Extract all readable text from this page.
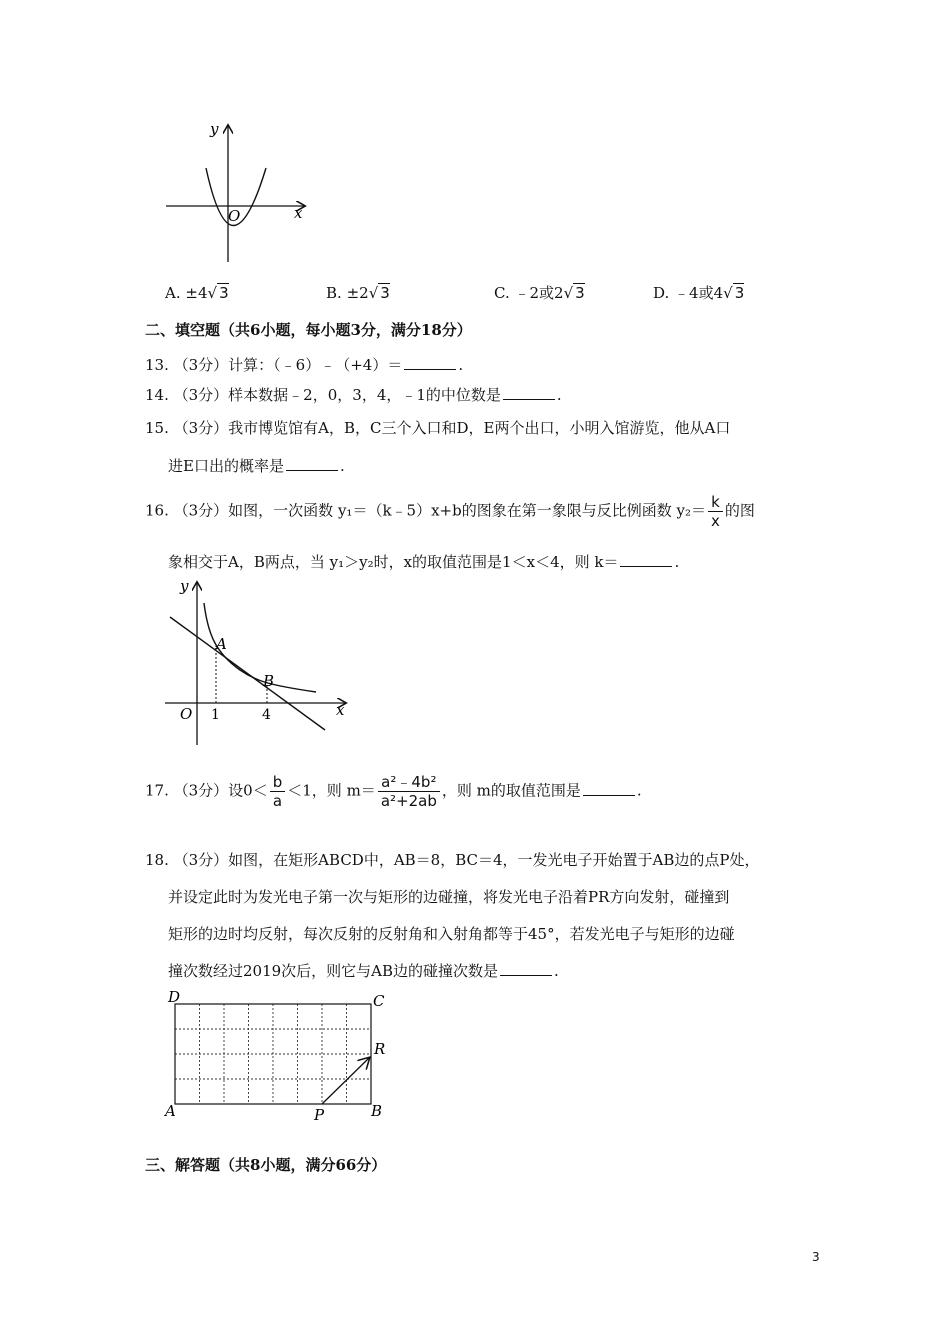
y
x
O
A. ±4√ 3	B. ±2√ 3	C. ﹣2或2√ 3	D. ﹣4或4√ 3
二、填空题（共6小题，每小题3分，满分18分）
13. （3分）计算：（﹣6）﹣（+4）＝	.
14. （3分）样本数据﹣2，0，3，4，﹣1的中位数是	.
15. （3分）我市博览馆有A，B，C三个入口和D，E两个出口，小明入馆游览，他从A口
进E口出的概率是	.
16. （3分）如图，一次函数 y₁＝（k﹣5）x+b的图象在第一象限与反比例函数 $y_2= \frac{k}{x}$ 的图
象相交于A，B两点，当 y₁＞y₂时，x的取值范围是1＜x＜4，则 k＝	.
y
x
O
A
B
1	4
17. （3分）设$0< \frac{b}{a} <1$，则 $m= \frac{\text{a²﹣4b²}}{\text{a²+2ab}}$ ，则 m的取值范围是	.
18. （3分）如图，在矩形ABCD中，AB＝8，BC＝4，一发光电子开始置于AB边的点P处，
并设定此时为发光电子第一次与矩形的边碰撞，将发光电子沿着PR方向发射，碰撞到
矩形的边时均反射，每次反射的反射角和入射角都等于45°，若发光电子与矩形的边碰
撞次数经过2019次后，则它与AB边的碰撞次数是	.
D	C
A	B
P
R
三、解答题（共8小题，满分66分）
3
